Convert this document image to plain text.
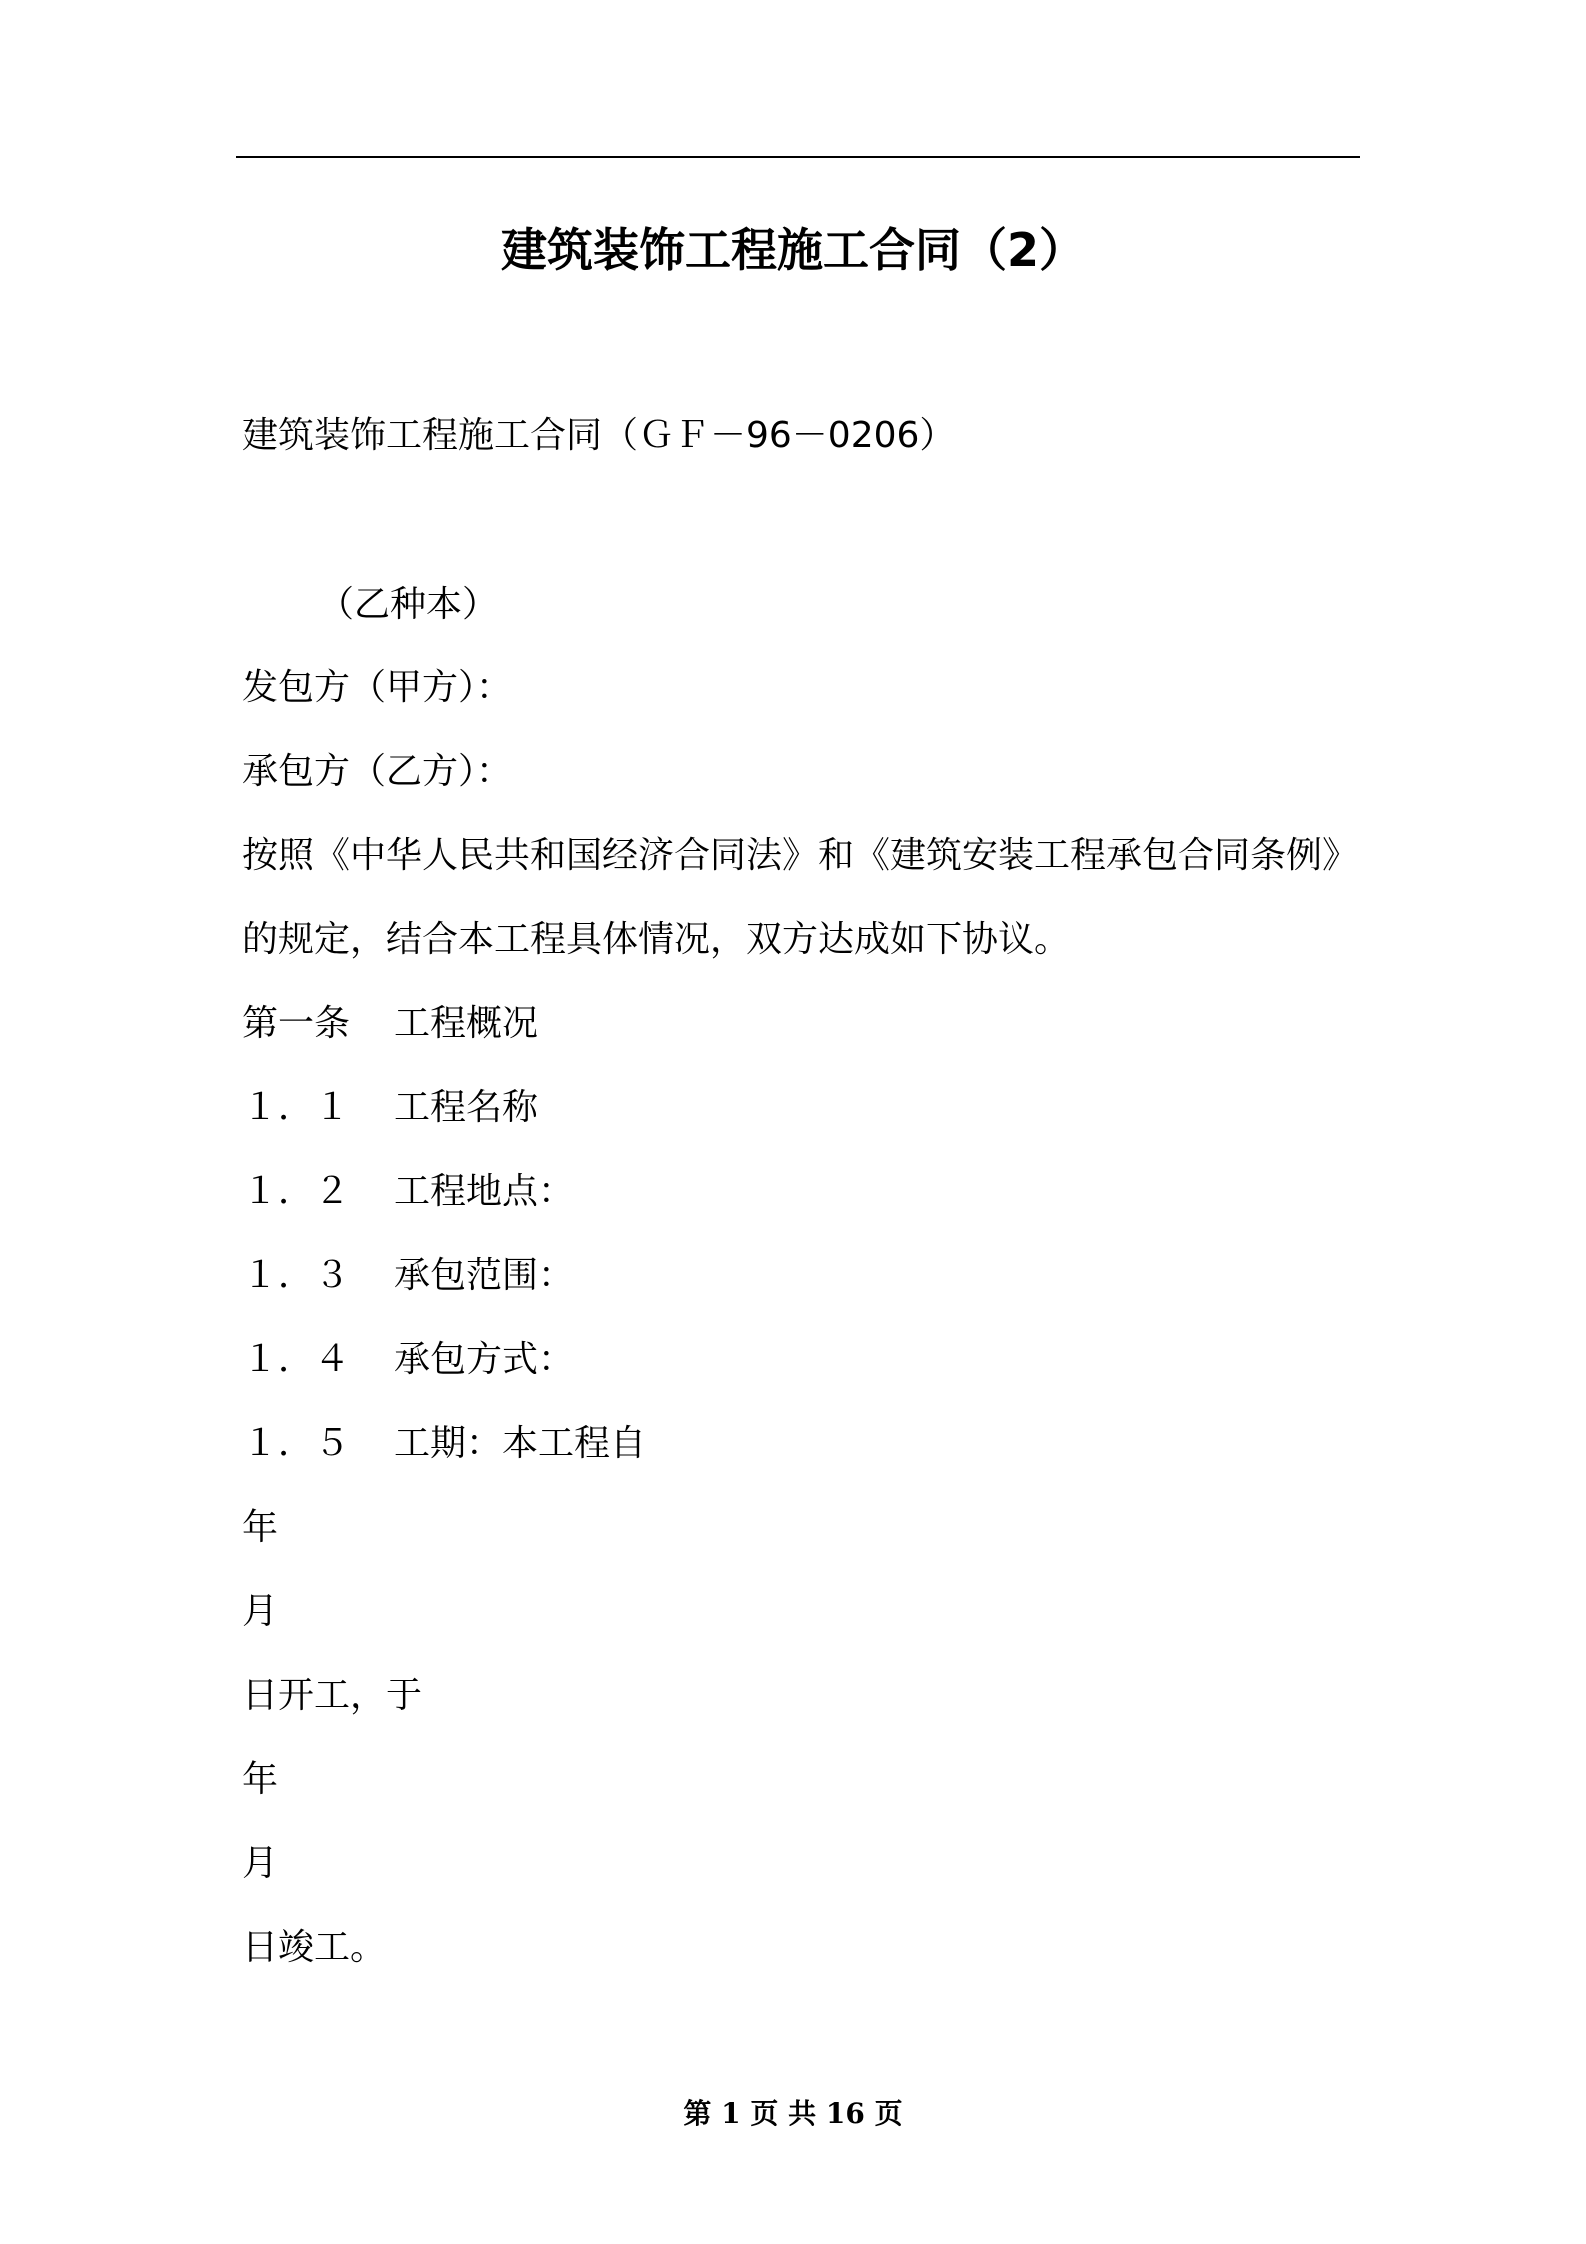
建筑装饰工程施工合同（2）
建筑装饰工程施工合同（ＧＦ－96－0206）
（乙种本）
发包方（甲方）：
承包方（乙方）：
按照《中华人民共和国经济合同法》和《建筑安装工程承包合同条例》
的规定，结合本工程具体情况，双方达成如下协议。
第一条 工程概况
１．１ 工程名称
１．２ 工程地点：
１．３ 承包范围：
１．４ 承包方式：
１．５ 工期：本工程自
年
月
日开工，于
年
月
日竣工。
第 1 页 共 16 页
